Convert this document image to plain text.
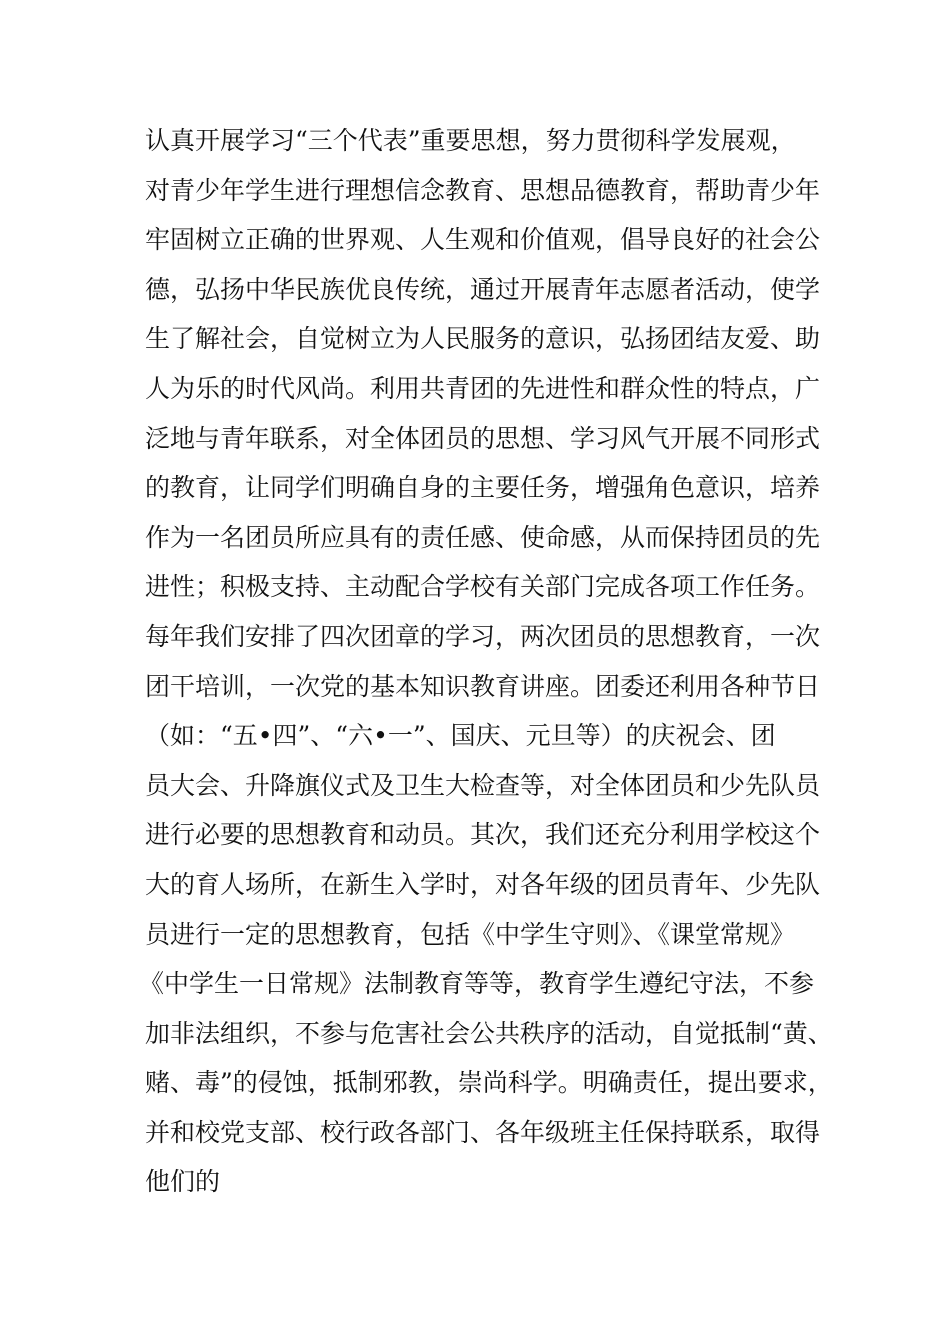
认真开展学习“三个代表”重要思想，努力贯彻科学发展观，
对青少年学生进行理想信念教育、思想品德教育，帮助青少年
牢固树立正确的世界观、人生观和价值观，倡导良好的社会公
德，弘扬中华民族优良传统，通过开展青年志愿者活动，使学
生了解社会，自觉树立为人民服务的意识，弘扬团结友爱、助
人为乐的时代风尚。利用共青团的先进性和群众性的特点，广
泛地与青年联系，对全体团员的思想、学习风气开展不同形式
的教育，让同学们明确自身的主要任务，增强角色意识，培养
作为一名团员所应具有的责任感、使命感，从而保持团员的先
进性；积极支持、主动配合学校有关部门完成各项工作任务。
每年我们安排了四次团章的学习，两次团员的思想教育，一次
团干培训，一次党的基本知识教育讲座。团委还利用各种节日
（如：“五•四”、“六•一”、国庆、元旦等）的庆祝会、团
员大会、升降旗仪式及卫生大检查等，对全体团员和少先队员
进行必要的思想教育和动员。其次，我们还充分利用学校这个
大的育人场所，在新生入学时，对各年级的团员青年、少先队
员进行一定的思想教育，包括《中学生守则》、《课堂常规》
《中学生一日常规》法制教育等等，教育学生遵纪守法，不参
加非法组织，不参与危害社会公共秩序的活动，自觉抵制“黄、
赌、毒”的侵蚀，抵制邪教，崇尚科学。明确责任，提出要求，
并和校党支部、校行政各部门、各年级班主任保持联系，取得
他们的
